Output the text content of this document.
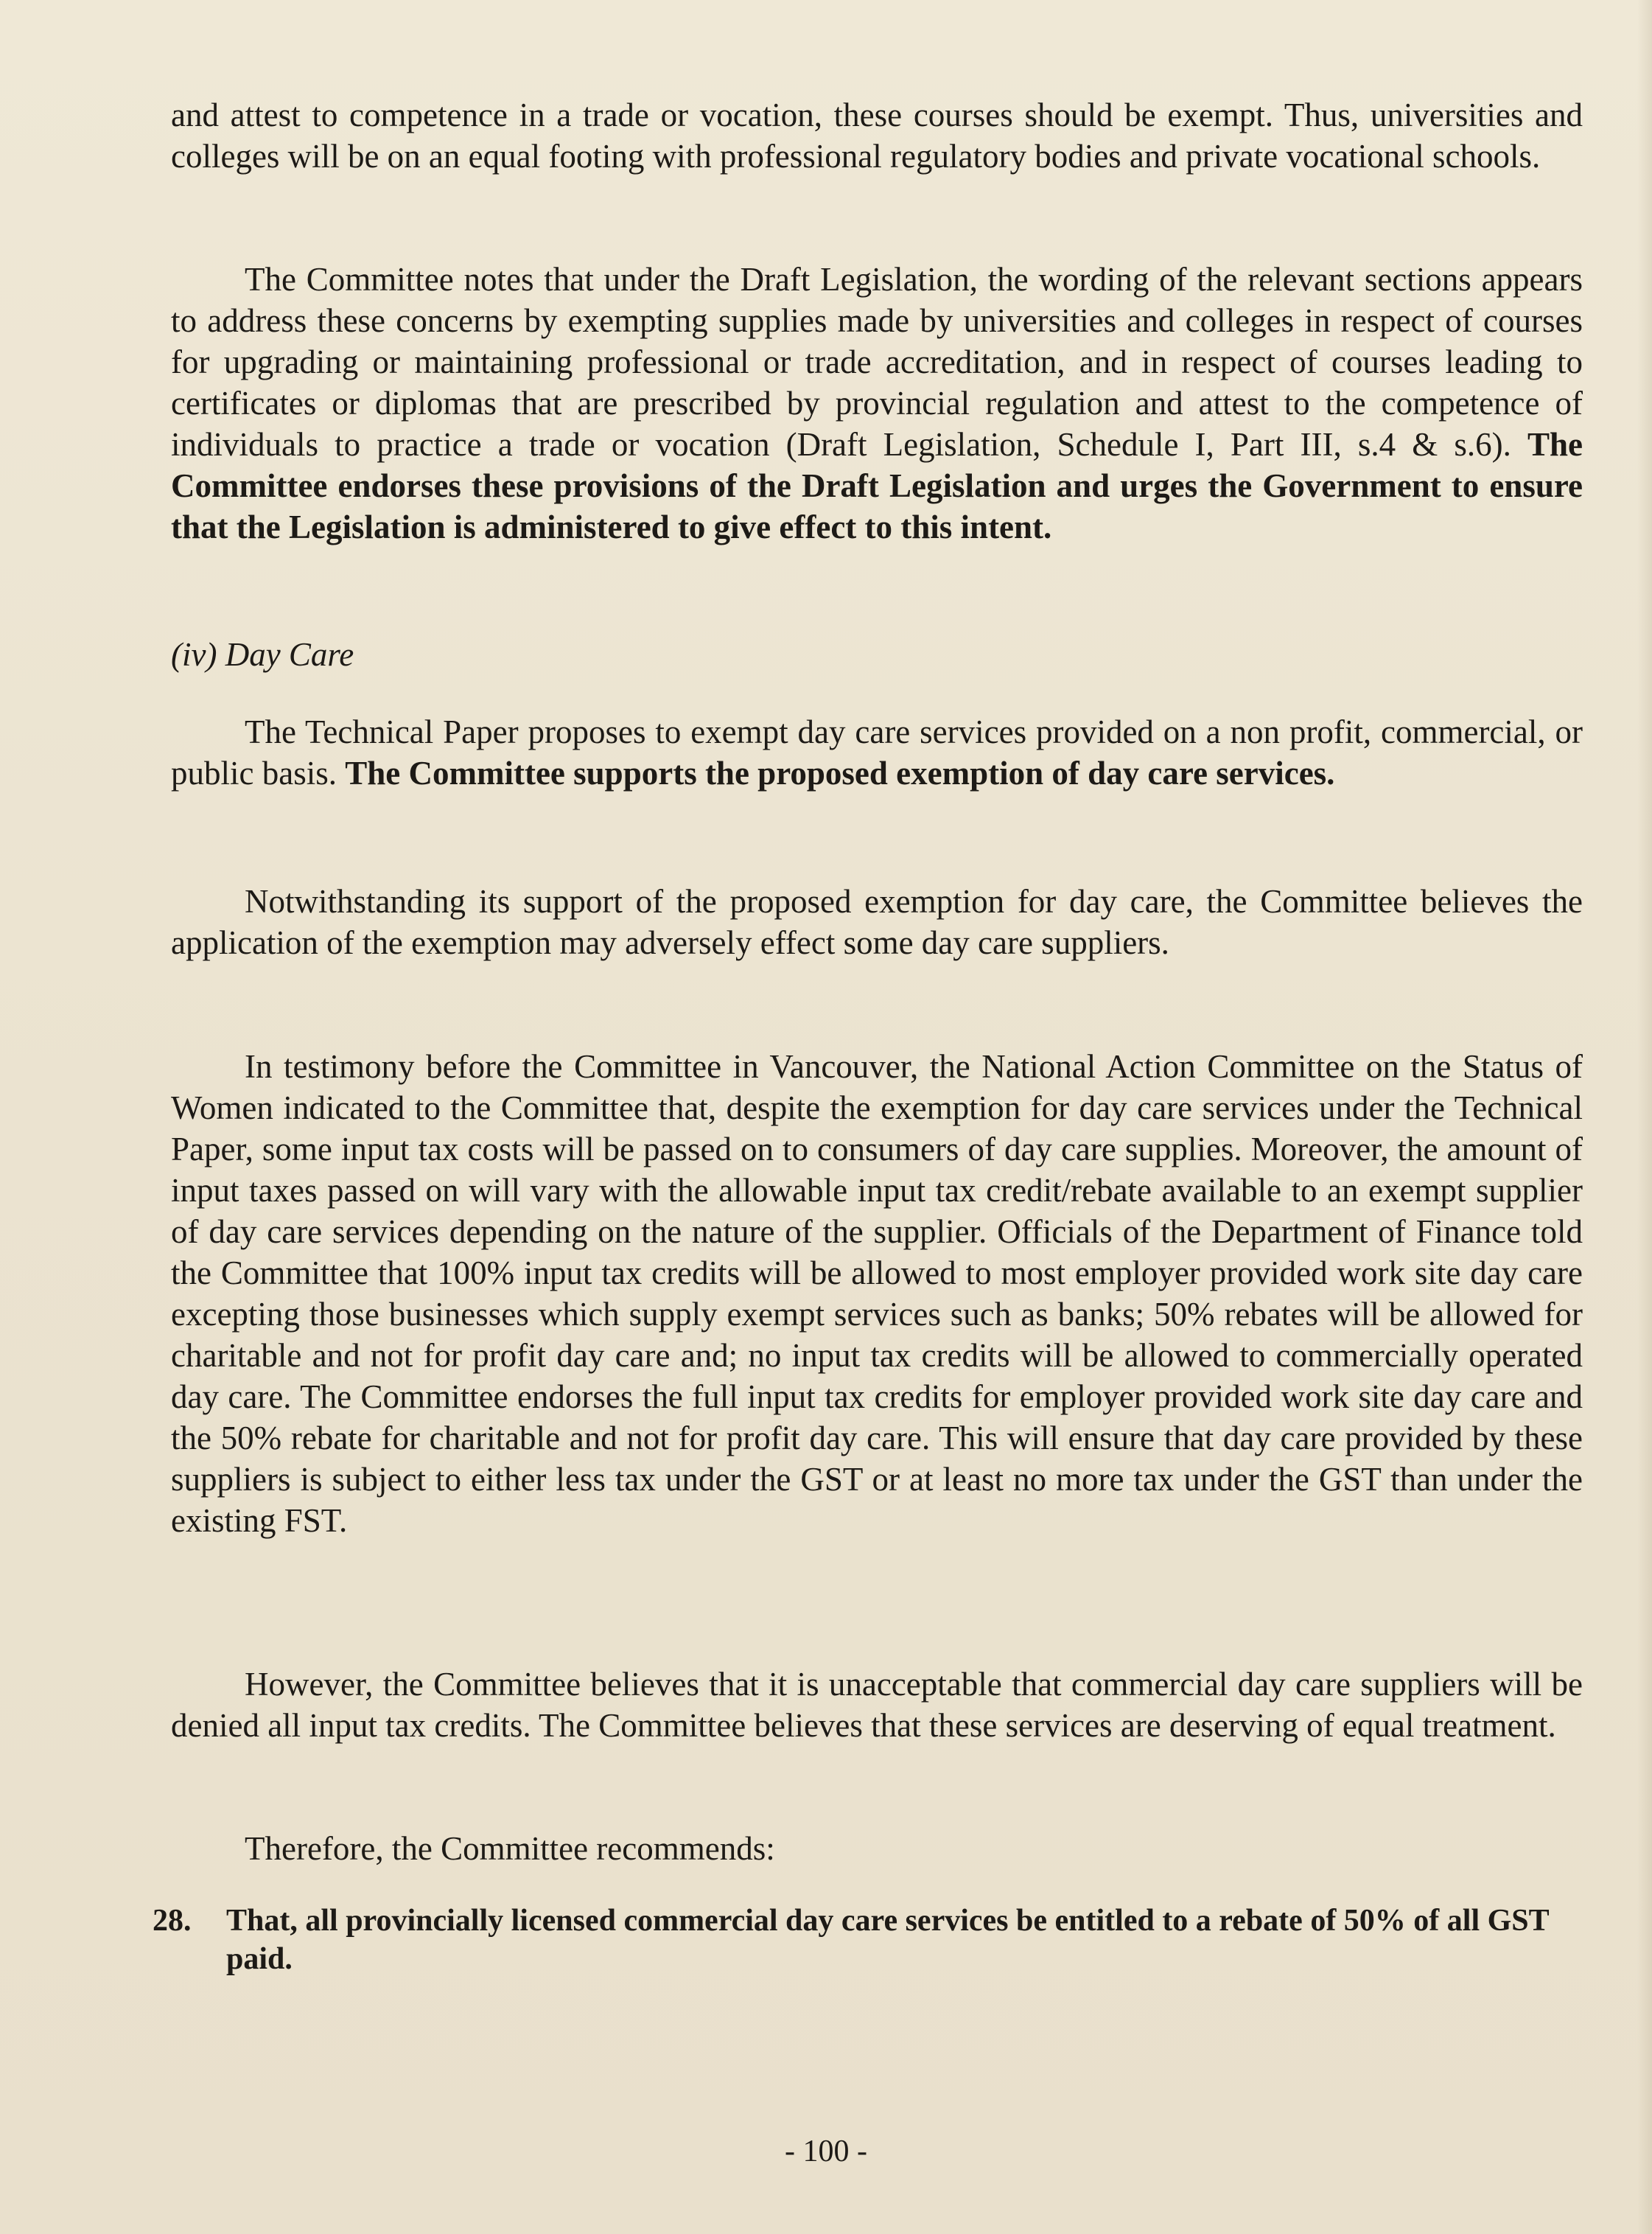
and attest to competence in a trade or vocation, these courses should be exempt. Thus, universities and colleges will be on an equal footing with professional regulatory bodies and private vocational schools.

The Committee notes that under the Draft Legislation, the wording of the relevant sections appears to address these concerns by exempting supplies made by universities and colleges in respect of courses for upgrading or maintaining professional or trade accreditation, and in respect of courses leading to certificates or diplomas that are prescribed by provincial regulation and attest to the competence of individuals to practice a trade or vocation (Draft Legislation, Schedule I, Part III, s.4 & s.6). The Committee endorses these provisions of the Draft Legislation and urges the Government to ensure that the Legislation is administered to give effect to this intent.

(iv) Day Care

The Technical Paper proposes to exempt day care services provided on a non profit, commercial, or public basis. The Committee supports the proposed exemption of day care services.

Notwithstanding its support of the proposed exemption for day care, the Committee believes the application of the exemption may adversely effect some day care suppliers.

In testimony before the Committee in Vancouver, the National Action Committee on the Status of Women indicated to the Committee that, despite the exemption for day care services under the Technical Paper, some input tax costs will be passed on to consumers of day care supplies. Moreover, the amount of input taxes passed on will vary with the allowable input tax credit/rebate available to an exempt supplier of day care services depending on the nature of the supplier. Officials of the Department of Finance told the Committee that 100% input tax credits will be allowed to most employer provided work site day care excepting those businesses which supply exempt services such as banks; 50% rebates will be allowed for charitable and not for profit day care and; no input tax credits will be allowed to commercially operated day care. The Committee endorses the full input tax credits for employer provided work site day care and the 50% rebate for charitable and not for profit day care. This will ensure that day care provided by these suppliers is subject to either less tax under the GST or at least no more tax under the GST than under the existing FST.

However, the Committee believes that it is unacceptable that commercial day care suppliers will be denied all input tax credits. The Committee believes that these services are deserving of equal treatment.

Therefore, the Committee recommends:

28. That, all provincially licensed commercial day care services be entitled to a rebate of 50% of all GST paid.
- 100 -
